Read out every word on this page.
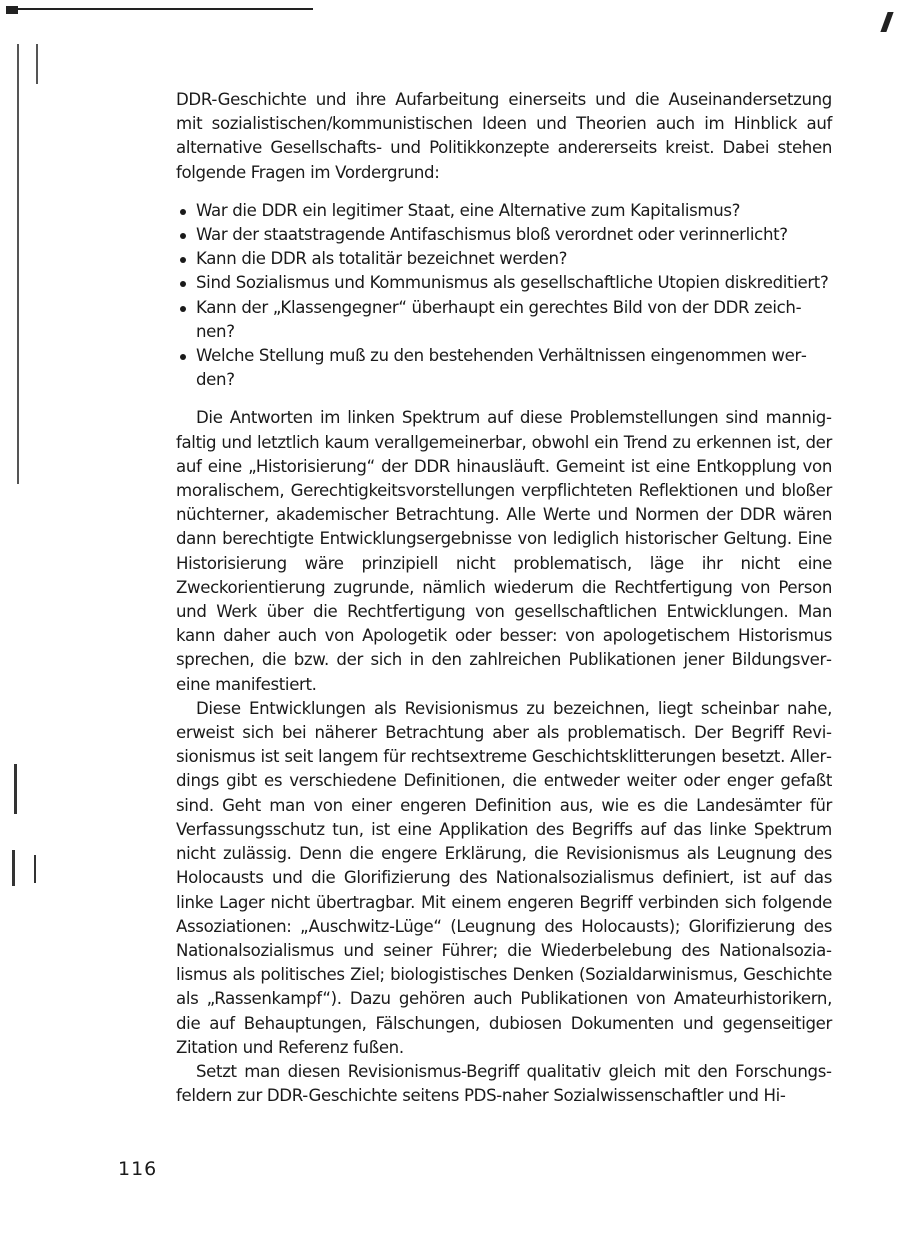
DDR-Geschichte und ihre Aufarbeitung einerseits und die Auseinandersetzung mit sozialistischen/kommunistischen Ideen und Theorien auch im Hinblick auf alternative Gesellschafts- und Politikkonzepte andererseits kreist. Dabei stehen folgende Fragen im Vordergrund:

War die DDR ein legitimer Staat, eine Alternative zum Kapitalismus?
War der staatstragende Antifaschismus bloß verordnet oder verinnerlicht?
Kann die DDR als totalitär bezeichnet werden?
Sind Sozialismus und Kommunismus als gesellschaftliche Utopien diskreditiert?
Kann der „Klassengegner“ überhaupt ein gerechtes Bild von der DDR zeichnen?
Welche Stellung muß zu den bestehenden Verhältnissen eingenommen werden?

Die Antworten im linken Spektrum auf diese Problemstellungen sind mannigfaltig und letztlich kaum verallgemeinerbar, obwohl ein Trend zu erkennen ist, der auf eine „Historisierung“ der DDR hinausläuft. Gemeint ist eine Entkopplung von moralischem, Gerechtigkeitsvorstellungen verpflichteten Reflektionen und bloßer nüchterner, akademischer Betrachtung. Alle Werte und Normen der DDR wären dann berechtigte Entwicklungsergebnisse von lediglich historischer Geltung. Eine Historisierung wäre prinzipiell nicht problematisch, läge ihr nicht eine Zweckorientierung zugrunde, nämlich wiederum die Rechtfertigung von Person und Werk über die Rechtfertigung von gesellschaftlichen Entwicklungen. Man kann daher auch von Apologetik oder besser: von apologetischem Historismus sprechen, die bzw. der sich in den zahlreichen Publikationen jener Bildungsvereine manifestiert.

Diese Entwicklungen als Revisionismus zu bezeichnen, liegt scheinbar nahe, erweist sich bei näherer Betrachtung aber als problematisch. Der Begriff Revisionismus ist seit langem für rechtsextreme Geschichtsklitterungen besetzt. Allerdings gibt es verschiedene Definitionen, die entweder weiter oder enger gefaßt sind. Geht man von einer engeren Definition aus, wie es die Landesämter für Verfassungsschutz tun, ist eine Applikation des Begriffs auf das linke Spektrum nicht zulässig. Denn die engere Erklärung, die Revisionismus als Leugnung des Holocausts und die Glorifizierung des Nationalsozialismus definiert, ist auf das linke Lager nicht übertragbar. Mit einem engeren Begriff verbinden sich folgende Assoziationen: „Auschwitz-Lüge“ (Leugnung des Holocausts); Glorifizierung des Nationalsozialismus und seiner Führer; die Wiederbelebung des Nationalsozialismus als politisches Ziel; biologistisches Denken (Sozialdarwinismus, Geschichte als „Rassenkampf“). Dazu gehören auch Publikationen von Amateurhistorikern, die auf Behauptungen, Fälschungen, dubiosen Dokumenten und gegenseitiger Zitation und Referenz fußen.

Setzt man diesen Revisionismus-Begriff qualitativ gleich mit den Forschungsfeldern zur DDR-Geschichte seitens PDS-naher Sozialwissenschaftler und Hi-

116
